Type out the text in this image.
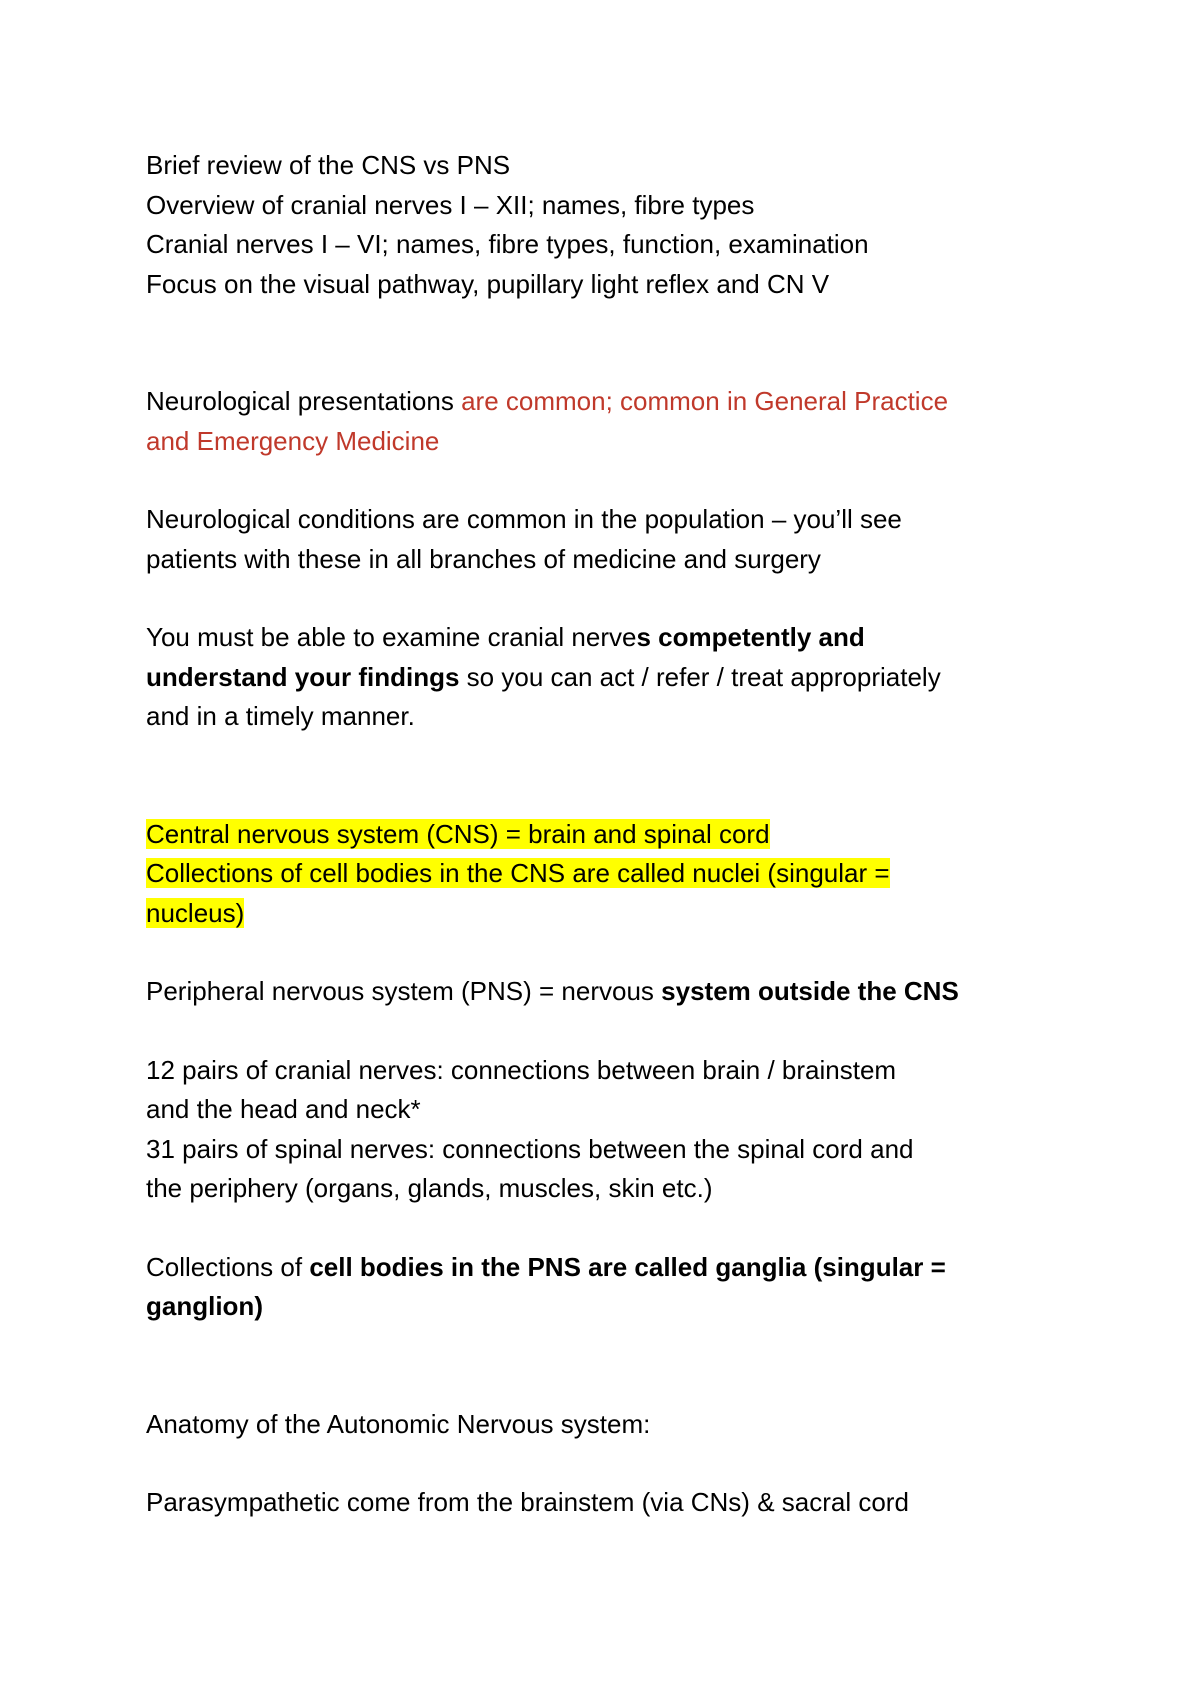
Brief review of the CNS vs PNS
Overview of cranial nerves I – XII; names, fibre types
Cranial nerves I – VI; names, fibre types, function, examination
Focus on the visual pathway, pupillary light reflex and CN V
Neurological presentations are common; common in General Practice
and Emergency Medicine
Neurological conditions are common in the population – you’ll see
patients with these in all branches of medicine and surgery
You must be able to examine cranial nerves competently and
understand your findings so you can act / refer / treat appropriately
and in a timely manner.
Central nervous system (CNS) = brain and spinal cord
Collections of cell bodies in the CNS are called nuclei (singular =
nucleus)
Peripheral nervous system (PNS) = nervous system outside the CNS
12 pairs of cranial nerves: connections between brain / brainstem
and the head and neck*
31 pairs of spinal nerves: connections between the spinal cord and
the periphery (organs, glands, muscles, skin etc.)
Collections of cell bodies in the PNS are called ganglia (singular =
ganglion)
Anatomy of the Autonomic Nervous system:
Parasympathetic come from the brainstem (via CNs) & sacral cord
